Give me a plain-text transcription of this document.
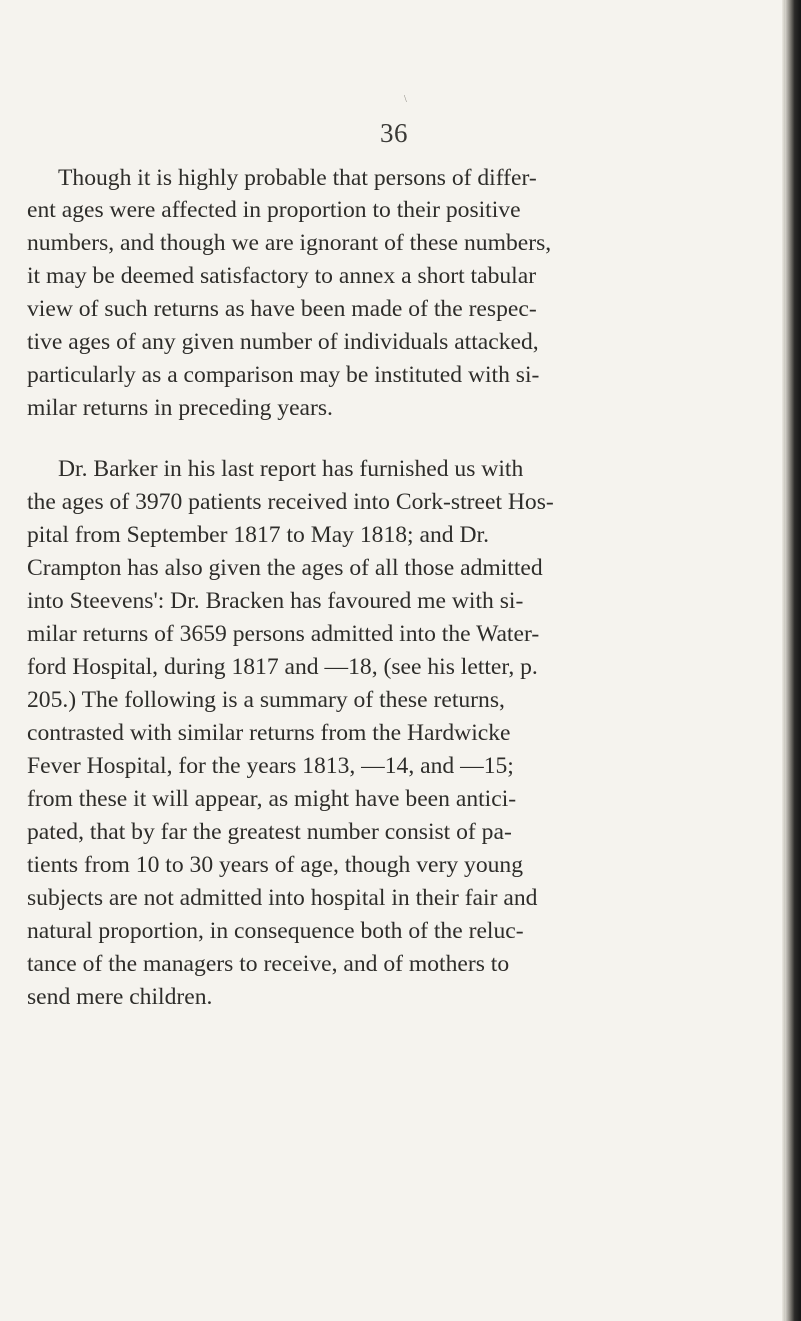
\
36
Though it is highly probable that persons of differ-
ent ages were affected in proportion to their positive
numbers, and though we are ignorant of these numbers,
it may be deemed satisfactory to annex a short tabular
view of such returns as have been made of the respec-
tive ages of any given number of individuals attacked,
particularly as a comparison may be instituted with si-
milar returns in preceding years.
Dr. Barker in his last report has furnished us with
the ages of 3970 patients received into Cork-street Hos-
pital from September 1817 to May 1818; and Dr.
Crampton has also given the ages of all those admitted
into Steevens': Dr. Bracken has favoured me with si-
milar returns of 3659 persons admitted into the Water-
ford Hospital, during 1817 and —18, (see his letter, p.
205.) The following is a summary of these returns,
contrasted with similar returns from the Hardwicke
Fever Hospital, for the years 1813, —14, and —15;
from these it will appear, as might have been antici-
pated, that by far the greatest number consist of pa-
tients from 10 to 30 years of age, though very young
subjects are not admitted into hospital in their fair and
natural proportion, in consequence both of the reluc-
tance of the managers to receive, and of mothers to
send mere children.
